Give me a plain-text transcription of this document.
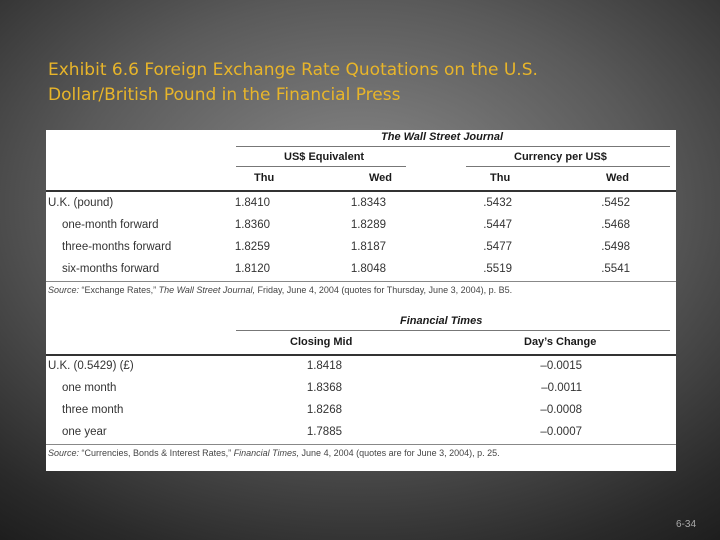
Exhibit 6.6 Foreign Exchange Rate Quotations on the U.S.
Dollar/British Pound in the Financial Press
The Wall Street Journal
US$ Equivalent	Currency per US$
Thu	Wed	Thu	Wed
U.K. (pound)	1.8410	1.8343	.5432	.5452
one-month forward	1.8360	1.8289	.5447	.5468
three-months forward	1.8259	1.8187	.5477	.5498
six-months forward	1.8120	1.8048	.5519	.5541
Source: “Exchange Rates,” The Wall Street Journal, Friday, June 4, 2004 (quotes for Thursday, June 3, 2004), p. B5.
Financial Times
Closing Mid	Day’s Change
U.K. (0.5429) (£)	1.8418	–0.0015
one month	1.8368	–0.0011
three month	1.8268	–0.0008
one year	1.7885	–0.0007
Source: “Currencies, Bonds & Interest Rates,” Financial Times, June 4, 2004 (quotes are for June 3, 2004), p. 25.
6-34
